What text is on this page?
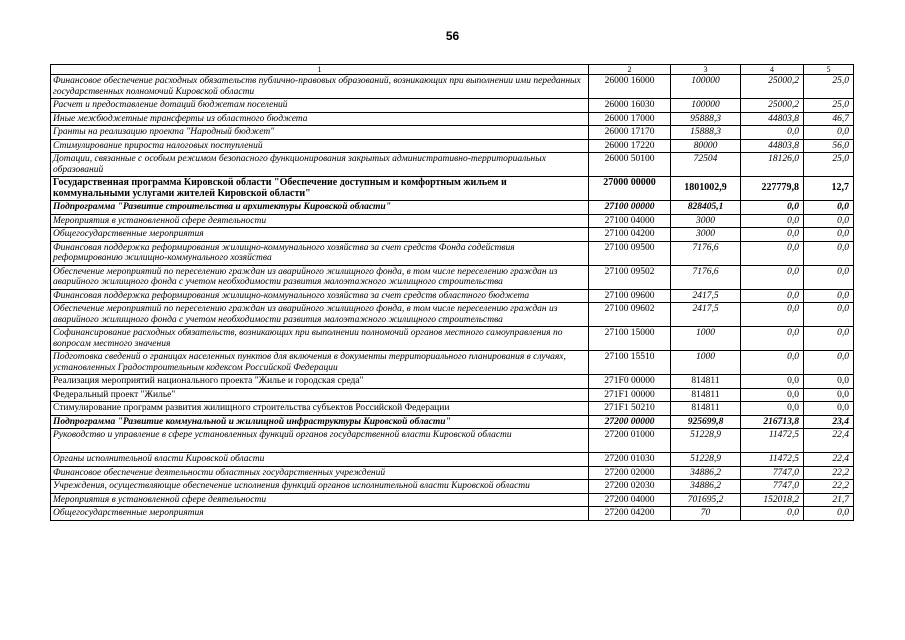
56
1	2	3	4	5
Финансовое обеспечение расходных обязательств публично-правовых образований, возникающих при выполнении ими переданных государственных полномочий Кировской области	26000 16000	100000	25000,2	25,0
Расчет и предоставление дотаций бюджетам поселений	26000 16030	100000	25000,2	25,0
Иные межбюджетные трансферты из областного бюджета	26000 17000	95888,3	44803,8	46,7
Гранты на реализацию проекта "Народный бюджет"	26000 17170	15888,3	0,0	0,0
Стимулирование прироста налоговых поступлений	26000 17220	80000	44803,8	56,0
Дотации, связанные с особым режимом безопасного функционирования закрытых административно-территориальных образований	26000 50100	72504	18126,0	25,0
Государственная программа Кировской области "Обеспечение доступным и комфортным жильем и коммунальными услугами жителей Кировской области"	27000 00000	1801002,9	227779,8	12,7
Подпрограмма "Развитие строительства и архитектуры Кировской области"	27100 00000	828405,1	0,0	0,0
Мероприятия в установленной сфере деятельности	27100 04000	3000	0,0	0,0
Общегосударственные мероприятия	27100 04200	3000	0,0	0,0
Финансовая поддержка реформирования жилищно-коммунального хозяйства за счет средств Фонда содействия реформированию жилищно-коммунального хозяйства	27100 09500	7176,6	0,0	0,0
Обеспечение мероприятий по переселению граждан из аварийного жилищного фонда, в том числе переселению граждан из аварийного жилищного фонда с учетом необходимости развития малоэтажного жилищного строительства	27100 09502	7176,6	0,0	0,0
Финансовая поддержка реформирования жилищно-коммунального хозяйства за счет средств областного бюджета	27100 09600	2417,5	0,0	0,0
Обеспечение мероприятий по переселению граждан из аварийного жилищного фонда, в том числе переселению граждан из аварийного жилищного фонда с учетом необходимости развития малоэтажного жилищного строительства	27100 09602	2417,5	0,0	0,0
Софинансирование расходных обязательств, возникающих при выполнении полномочий органов местного самоуправления по вопросам местного значения	27100 15000	1000	0,0	0,0
Подготовка сведений о границах населенных пунктов для включения в документы территориального планирования в случаях, установленных Градостроительным кодексом Российской Федерации	27100 15510	1000	0,0	0,0
Реализация мероприятий национального проекта "Жилье и городская среда"	271F0 00000	814811	0,0	0,0
Федеральный проект "Жилье"	271F1 00000	814811	0,0	0,0
Стимулирование программ развития жилищного строительства субъектов Российской Федерации	271F1 50210	814811	0,0	0,0
Подпрограмма "Развитие коммунальной и жилищной инфраструктуры Кировской области"	27200 00000	925699,8	216713,8	23,4
Руководство и управление в сфере установленных функций органов государственной власти Кировской области	27200 01000	51228,9	11472,5	22,4
Органы исполнительной власти Кировской области	27200 01030	51228,9	11472,5	22,4
Финансовое обеспечение деятельности областных государственных учреждений	27200 02000	34886,2	7747,0	22,2
Учреждения, осуществляющие обеспечение исполнения функций органов исполнительной власти Кировской области	27200 02030	34886,2	7747,0	22,2
Мероприятия в установленной сфере деятельности	27200 04000	701695,2	152018,2	21,7
Общегосударственные мероприятия	27200 04200	70	0,0	0,0
